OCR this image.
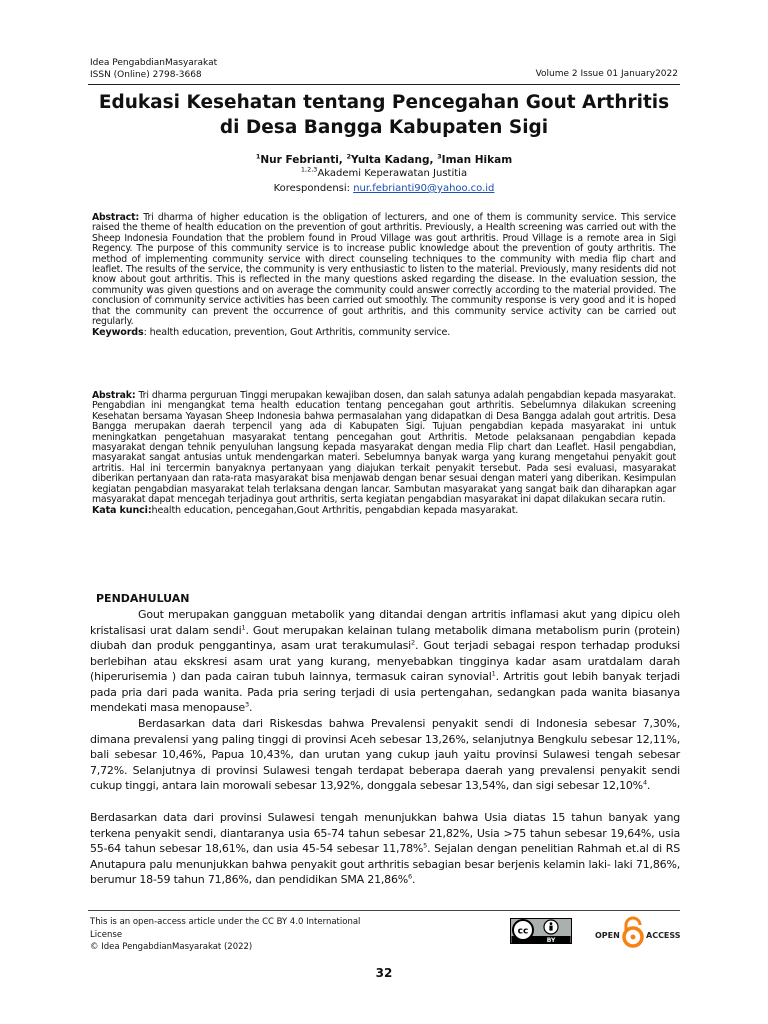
Idea PengabdianMasyarakat
ISSN (Online) 2798-3668	Volume 2 Issue 01 January2022
Edukasi Kesehatan tentang Pencegahan Gout Arthritis
di Desa Bangga Kabupaten Sigi
$^1$Nur Febrianti, $^2$Yulta Kadang, $^3$Iman Hikam
$^{1,2,3}$Akademi Keperawatan Justitia
Korespondensi: nur.febrianti90@yahoo.co.id
Abstract: Tri dharma of higher education is the obligation of lecturers, and one of them is community service. This service raised the theme of health education on the prevention of gout arthritis. Previously, a Health screening was carried out with the Sheep Indonesia Foundation that the problem found in Proud Village was gout arthritis. Proud Village is a remote area in Sigi Regency. The purpose of this community service is to increase public knowledge about the prevention of gouty arthritis. The method of implementing community service with direct counseling techniques to the community with media flip chart and leaflet. The results of the service, the community is very enthusiastic to listen to the material. Previously, many residents did not know about gout arthritis. This is reflected in the many questions asked regarding the disease. In the evaluation session, the community was given questions and on average the community could answer correctly according to the material provided. The conclusion of community service activities has been carried out smoothly. The community response is very good and it is hoped that the community can prevent the occurrence of gout arthritis, and this community service activity can be carried out regularly.
Keywords: health education, prevention, Gout Arthritis, community service.
Abstrak: Tri dharma perguruan Tinggi merupakan kewajiban dosen, dan salah satunya adalah pengabdian kepada masyarakat. Pengabdian ini mengangkat tema health education tentang pencegahan gout arthritis. Sebelumnya dilakukan screening Kesehatan bersama Yayasan Sheep Indonesia bahwa permasalahan yang didapatkan di Desa Bangga adalah gout artritis. Desa Bangga merupakan daerah terpencil yang ada di Kabupaten Sigi. Tujuan pengabdian kepada masyarakat ini untuk meningkatkan pengetahuan masyarakat tentang pencegahan gout Arthritis. Metode pelaksanaan pengabdian kepada masyarakat dengan tehnik penyuluhan langsung kepada masyarakat dengan media Flip chart dan Leaflet. Hasil pengabdian, masyarakat sangat antusias untuk mendengarkan materi. Sebelumnya banyak warga yang kurang mengetahui penyakit gout artritis. Hal ini tercermin banyaknya pertanyaan yang diajukan terkait penyakit tersebut. Pada sesi evaluasi, masyarakat diberikan pertanyaan dan rata-rata masyarakat bisa menjawab dengan benar sesuai dengan materi yang diberikan. Kesimpulan kegiatan pengabdian masyarakat telah terlaksana dengan lancar. Sambutan masyarakat yang sangat baik dan diharapkan agar masyarakat dapat mencegah terjadinya gout arthritis, serta kegiatan pengabdian masyarakat ini dapat dilakukan secara rutin.
Kata kunci:health education, pencegahan,Gout Arthritis, pengabdian kepada masyarakat.
PENDAHULUAN
Gout merupakan gangguan metabolik yang ditandai dengan artritis inflamasi akut yang dipicu oleh kristalisasi urat dalam sendi$^1$. Gout merupakan kelainan tulang metabolik dimana metabolism purin (protein) diubah dan produk penggantinya, asam urat terakumulasi$^2$. Gout terjadi sebagai respon terhadap produksi berlebihan atau ekskresi asam urat yang kurang, menyebabkan tingginya kadar asam uratdalam darah (hiperurisemia ) dan pada cairan tubuh lainnya, termasuk cairan synovial$^1$. Artritis gout lebih banyak terjadi pada pria dari pada wanita. Pada pria sering terjadi di usia pertengahan, sedangkan pada wanita biasanya mendekati masa menopause$^3$.
Berdasarkan data dari Riskesdas bahwa Prevalensi penyakit sendi di Indonesia sebesar 7,30%, dimana prevalensi yang paling tinggi di provinsi Aceh sebesar 13,26%, selanjutnya Bengkulu sebesar 12,11%, bali sebesar 10,46%, Papua 10,43%, dan urutan yang cukup jauh yaitu provinsi Sulawesi tengah sebesar 7,72%. Selanjutnya di provinsi Sulawesi tengah terdapat beberapa daerah yang prevalensi penyakit sendi cukup tinggi, antara lain morowali sebesar 13,92%, donggala sebesar 13,54%, dan sigi sebesar 12,10%$^4$.
Berdasarkan data dari provinsi Sulawesi tengah menunjukkan bahwa Usia diatas 15 tahun banyak yang terkena penyakit sendi, diantaranya usia 65-74 tahun sebesar 21,82%, Usia >75 tahun sebesar 19,64%, usia 55-64 tahun sebesar 18,61%, dan usia 45-54 sebesar 11,78%$^5$. Sejalan dengan penelitian Rahmah et.al di RS Anutapura palu menunjukkan bahwa penyakit gout arthritis sebagian besar berjenis kelamin laki- laki 71,86%, berumur 18-59 tahun 71,86%, dan pendidikan SMA 21,86%$^6$.
This is an open-access article under the CC BY 4.0 International
License
© Idea PengabdianMasyarakat (2022)
cc
BY
OPEN	ACCESS
32
